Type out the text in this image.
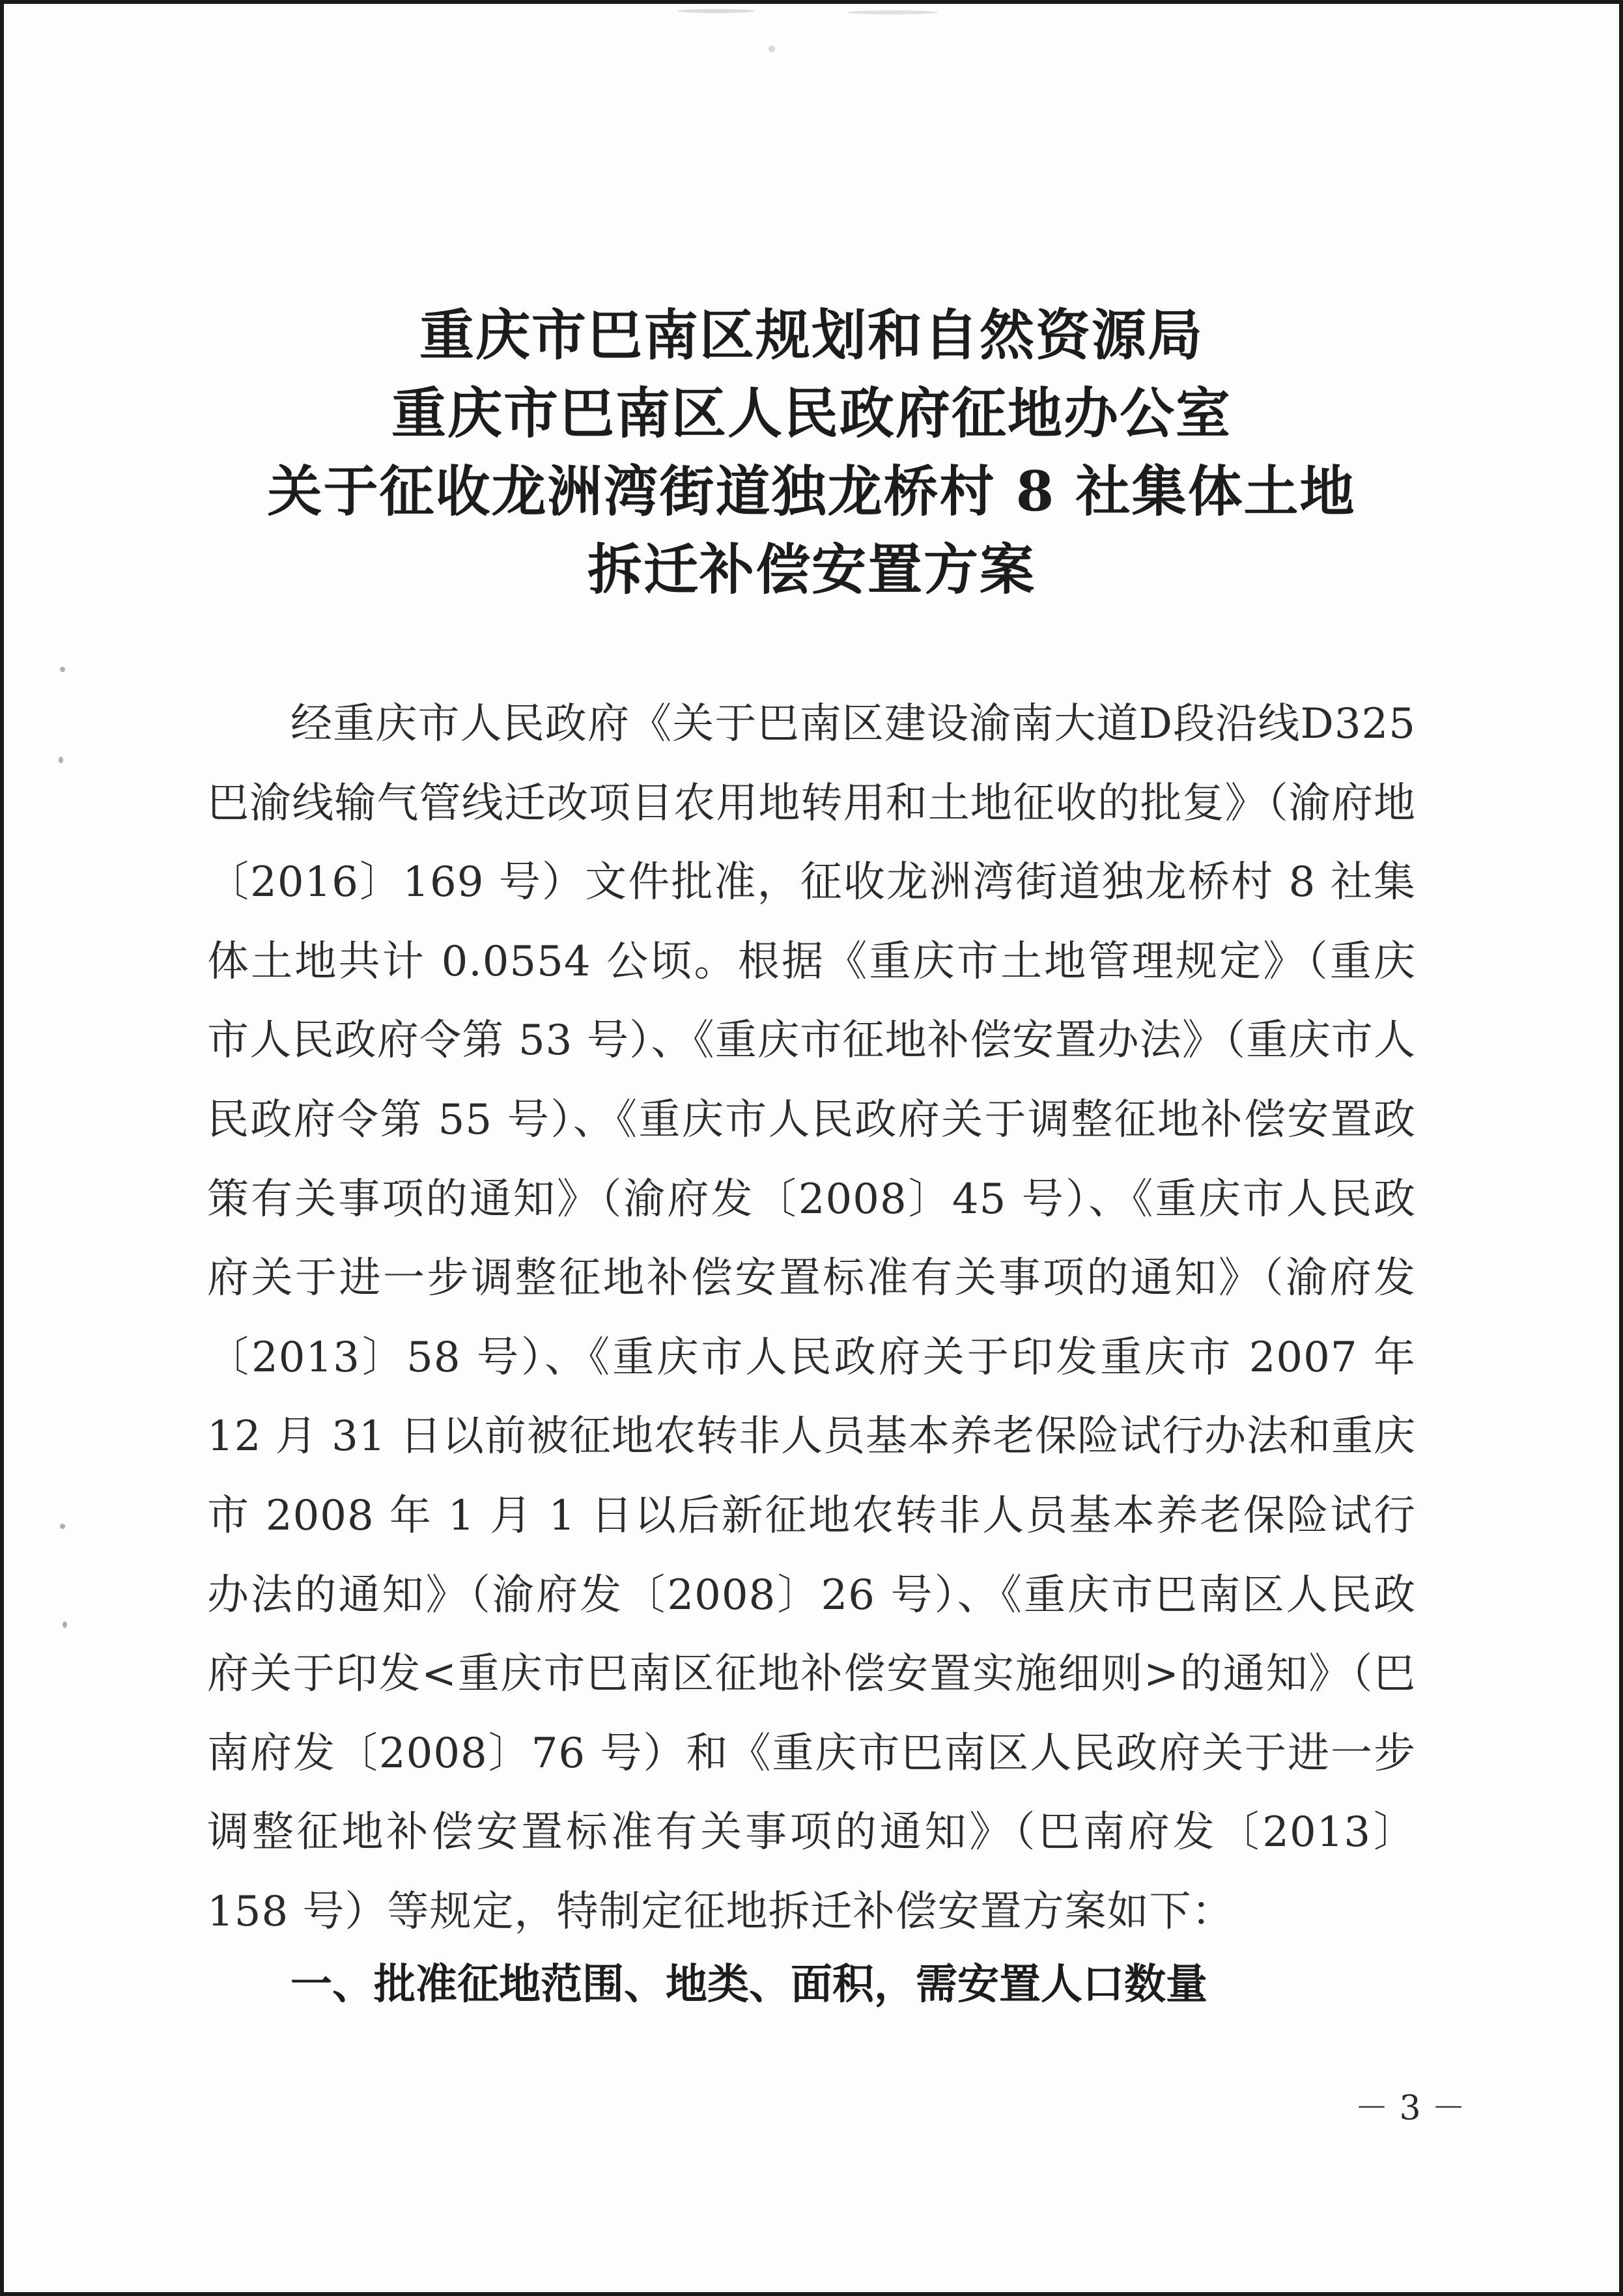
重庆市巴南区规划和自然资源局
重庆市巴南区人民政府征地办公室
关于征收龙洲湾街道独龙桥村 8 社集体土地
拆迁补偿安置方案
经重庆市人民政府《关于巴南区建设渝南大道D段沿线D325巴渝线输气管线迁改项目农用地转用和土地征收的批复》（渝府地〔2016〕169 号）文件批准，征收龙洲湾街道独龙桥村 8 社集体土地共计 0.0554 公顷。根据《重庆市土地管理规定》（重庆市人民政府令第 53 号）、《重庆市征地补偿安置办法》（重庆市人民政府令第 55 号）、《重庆市人民政府关于调整征地补偿安置政策有关事项的通知》（渝府发〔2008〕45 号）、《重庆市人民政府关于进一步调整征地补偿安置标准有关事项的通知》（渝府发〔2013〕58 号）、《重庆市人民政府关于印发重庆市 2007 年 12 月 31 日以前被征地农转非人员基本养老保险试行办法和重庆市 2008 年 1 月 1 日以后新征地农转非人员基本养老保险试行办法的通知》（渝府发〔2008〕26 号）、《重庆市巴南区人民政府关于印发<重庆市巴南区征地补偿安置实施细则>的通知》（巴南府发〔2008〕76 号）和《重庆市巴南区人民政府关于进一步调整征地补偿安置标准有关事项的通知》（巴南府发〔2013〕158 号）等规定，特制定征地拆迁补偿安置方案如下：
一、批准征地范围、地类、面积，需安置人口数量
－ 3 －
